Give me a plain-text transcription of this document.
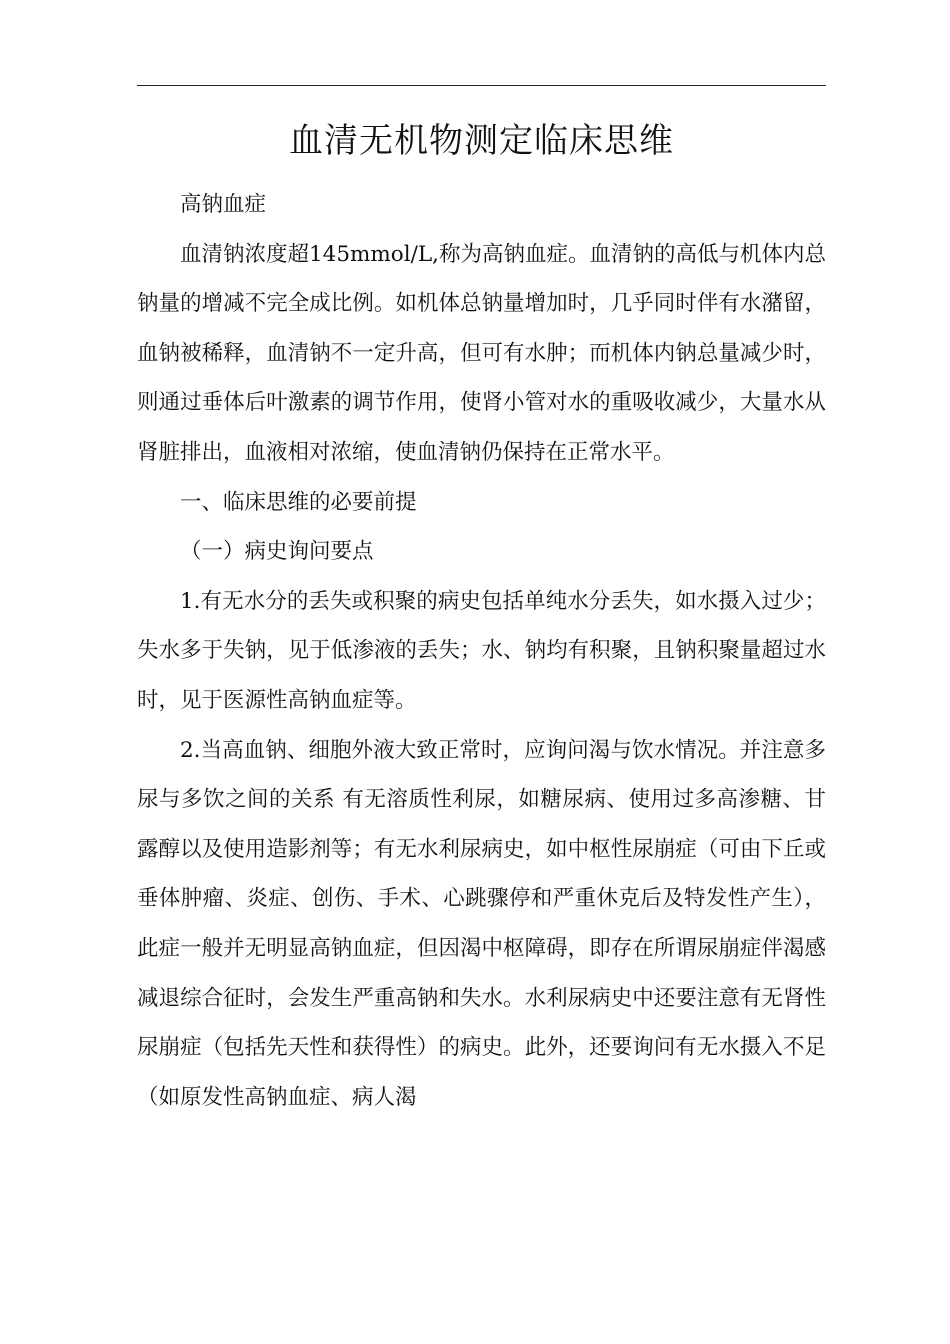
血清无机物测定临床思维

高钠血症

血清钠浓度超145mmol/L,称为高钠血症。血清钠的高低与机体内总钠量的增减不完全成比例。如机体总钠量增加时，几乎同时伴有水潴留，血钠被稀释，血清钠不一定升高，但可有水肿；而机体内钠总量减少时，则通过垂体后叶激素的调节作用，使肾小管对水的重吸收减少，大量水从肾脏排出，血液相对浓缩，使血清钠仍保持在正常水平。

一、临床思维的必要前提

（一）病史询问要点

1.有无水分的丢失或积聚的病史包括单纯水分丢失，如水摄入过少；失水多于失钠，见于低渗液的丢失；水、钠均有积聚，且钠积聚量超过水时，见于医源性高钠血症等。

2.当高血钠、细胞外液大致正常时，应询问渴与饮水情况。并注意多尿与多饮之间的关系 有无溶质性利尿，如糖尿病、使用过多高渗糖、甘露醇以及使用造影剂等；有无水利尿病史，如中枢性尿崩症（可由下丘或垂体肿瘤、炎症、创伤、手术、心跳骤停和严重休克后及特发性产生），此症一般并无明显高钠血症，但因渴中枢障碍，即存在所谓尿崩症伴渴感减退综合征时，会发生严重高钠和失水。水利尿病史中还要注意有无肾性尿崩症（包括先天性和获得性）的病史。此外，还要询问有无水摄入不足（如原发性高钠血症、病人渴
